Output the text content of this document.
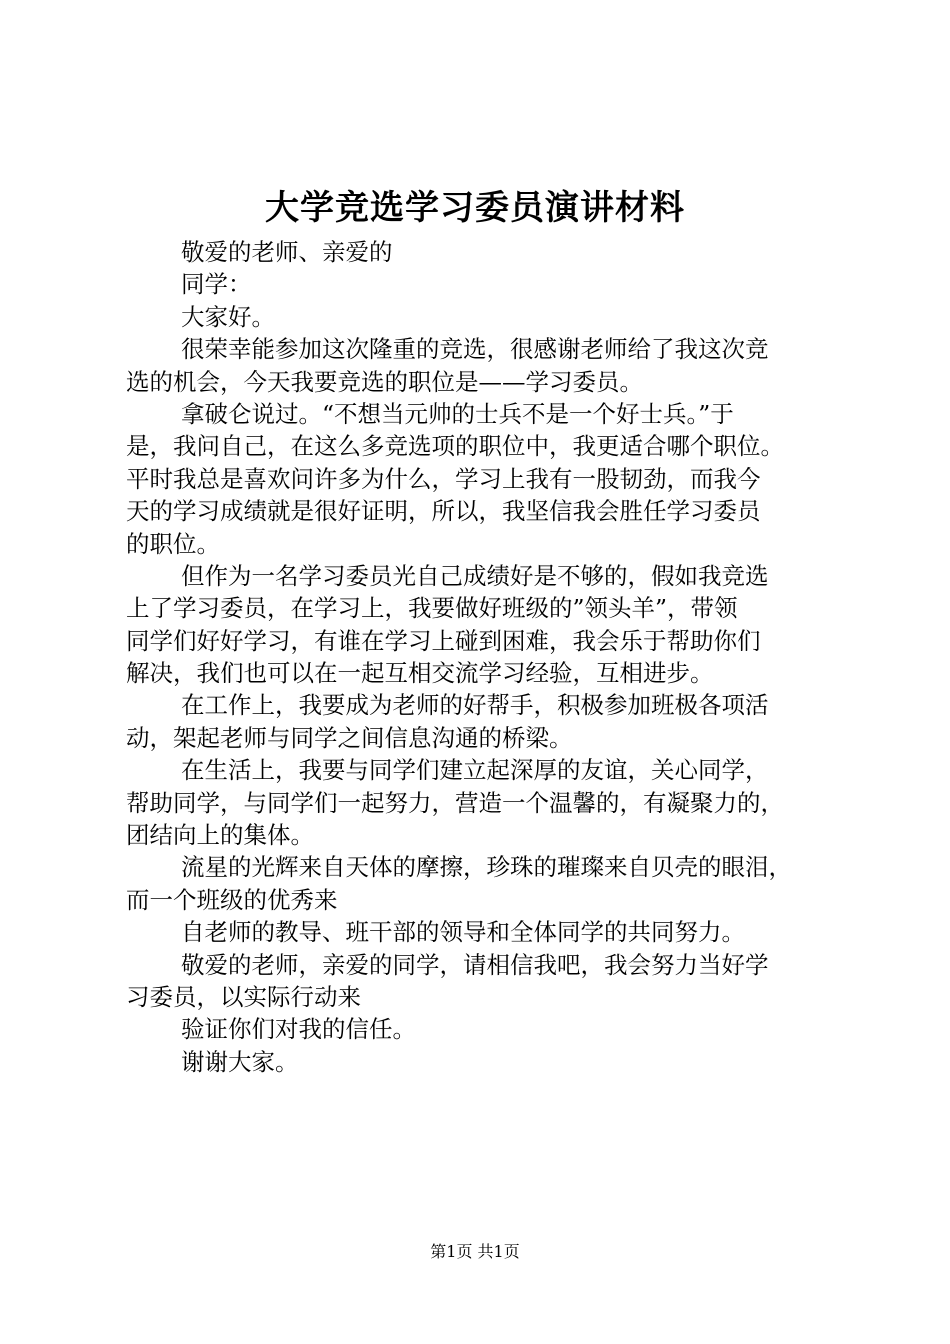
大学竞选学习委员演讲材料
敬爱的老师、亲爱的
同学：
大家好。
很荣幸能参加这次隆重的竞选，很感谢老师给了我这次竞
选的机会，今天我要竞选的职位是——学习委员。
拿破仑说过。“不想当元帅的士兵不是一个好士兵。”于
是，我问自己，在这么多竞选项的职位中，我更适合哪个职位。
平时我总是喜欢问许多为什么，学习上我有一股韧劲，而我今
天的学习成绩就是很好证明，所以，我坚信我会胜任学习委员
的职位。
但作为一名学习委员光自己成绩好是不够的，假如我竞选
上了学习委员，在学习上，我要做好班级的”领头羊”，带领
同学们好好学习，有谁在学习上碰到困难，我会乐于帮助你们
解决，我们也可以在一起互相交流学习经验，互相进步。
在工作上，我要成为老师的好帮手，积极参加班极各项活
动，架起老师与同学之间信息沟通的桥梁。
在生活上，我要与同学们建立起深厚的友谊，关心同学，
帮助同学，与同学们一起努力，营造一个温馨的，有凝聚力的，
团结向上的集体。
流星的光辉来自天体的摩擦，珍珠的璀璨来自贝壳的眼泪，
而一个班级的优秀来
自老师的教导、班干部的领导和全体同学的共同努力。
敬爱的老师，亲爱的同学，请相信我吧，我会努力当好学
习委员，以实际行动来
验证你们对我的信任。
谢谢大家。
第1页 共1页
